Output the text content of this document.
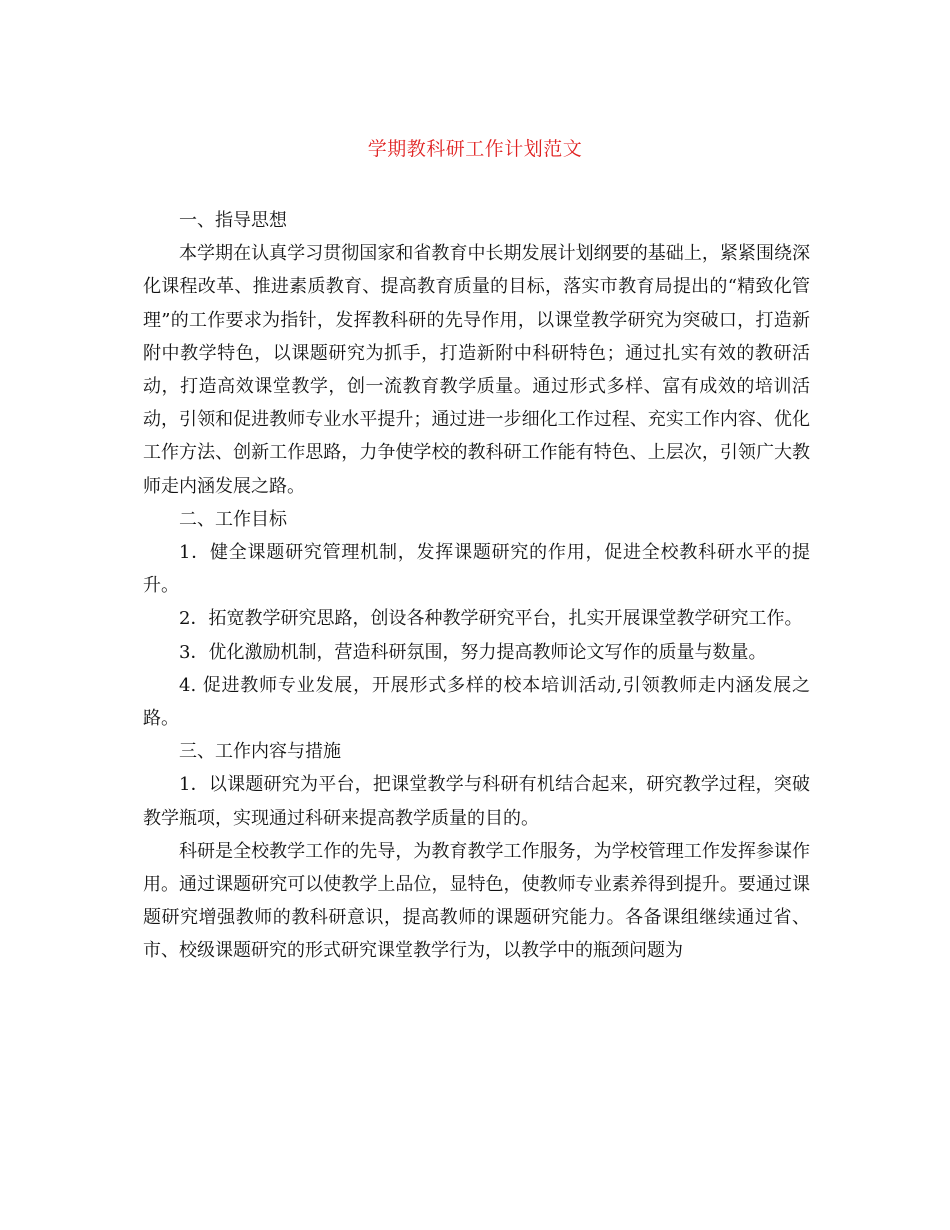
学期教科研工作计划范文

一、指导思想

本学期在认真学习贯彻国家和省教育中长期发展计划纲要的基础上，紧紧围绕深化课程改革、推进素质教育、提高教育质量的目标，落实市教育局提出的“精致化管理”的工作要求为指针，发挥教科研的先导作用，以课堂教学研究为突破口，打造新附中教学特色，以课题研究为抓手，打造新附中科研特色；通过扎实有效的教研活动，打造高效课堂教学，创一流教育教学质量。通过形式多样、富有成效的培训活动，引领和促进教师专业水平提升；通过进一步细化工作过程、充实工作内容、优化工作方法、创新工作思路，力争使学校的教科研工作能有特色、上层次，引领广大教师走内涵发展之路。

二、工作目标

1．健全课题研究管理机制，发挥课题研究的作用，促进全校教科研水平的提升。

2．拓宽教学研究思路，创设各种教学研究平台，扎实开展课堂教学研究工作。

3．优化激励机制，营造科研氛围，努力提高教师论文写作的质量与数量。

4. 促进教师专业发展，开展形式多样的校本培训活动,引领教师走内涵发展之路。

三、工作内容与措施

1．以课题研究为平台，把课堂教学与科研有机结合起来，研究教学过程，突破教学瓶项，实现通过科研来提高教学质量的目的。

科研是全校教学工作的先导，为教育教学工作服务，为学校管理工作发挥参谋作用。通过课题研究可以使教学上品位，显特色，使教师专业素养得到提升。要通过课题研究增强教师的教科研意识，提高教师的课题研究能力。各备课组继续通过省、市、校级课题研究的形式研究课堂教学行为，以教学中的瓶颈问题为
